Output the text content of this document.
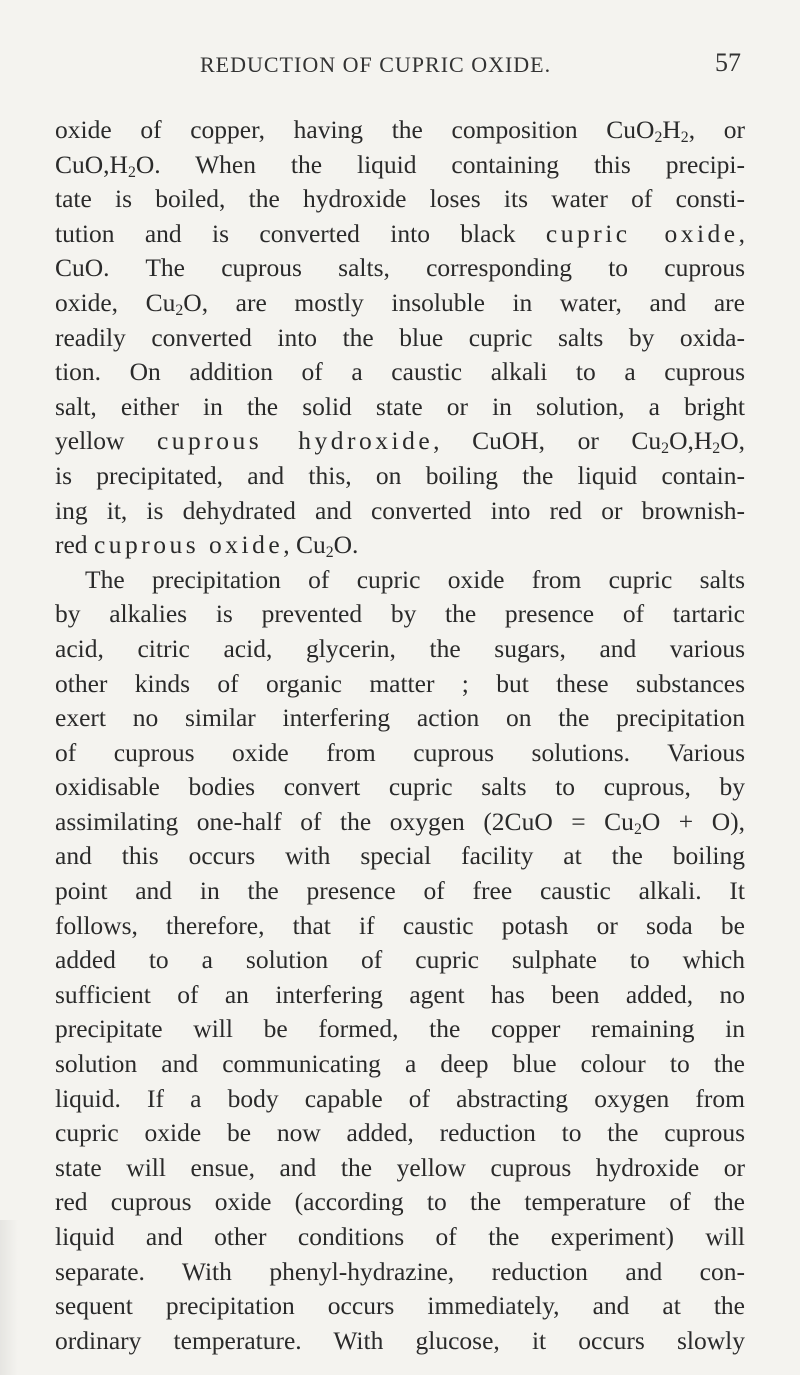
REDUCTION OF CUPRIC OXIDE.	57
oxide of copper, having the composition $CuO_2H_2$, or
$CuO,H_2O$. When the liquid containing this precipi-
tate is boiled, the hydroxide loses its water of consti-
tution and is converted into black cupric oxide,
CuO. The cuprous salts, corresponding to cuprous
oxide, $Cu_2O$, are mostly insoluble in water, and are
readily converted into the blue cupric salts by oxida-
tion. On addition of a caustic alkali to a cuprous
salt, either in the solid state or in solution, a bright
yellow cuprous hydroxide, CuOH, or $Cu_2O,H_2O$,
is precipitated, and this, on boiling the liquid contain-
ing it, is dehydrated and converted into red or brownish-
red cuprous oxide, $Cu_2O$.
The precipitation of cupric oxide from cupric salts
by alkalies is prevented by the presence of tartaric
acid, citric acid, glycerin, the sugars, and various
other kinds of organic matter ; but these substances
exert no similar interfering action on the precipitation
of cuprous oxide from cuprous solutions. Various
oxidisable bodies convert cupric salts to cuprous, by
assimilating one-half of the oxygen $(2CuO = Cu_2O + O)$,
and this occurs with special facility at the boiling
point and in the presence of free caustic alkali. It
follows, therefore, that if caustic potash or soda be
added to a solution of cupric sulphate to which
sufficient of an interfering agent has been added, no
precipitate will be formed, the copper remaining in
solution and communicating a deep blue colour to the
liquid. If a body capable of abstracting oxygen from
cupric oxide be now added, reduction to the cuprous
state will ensue, and the yellow cuprous hydroxide or
red cuprous oxide (according to the temperature of the
liquid and other conditions of the experiment) will
separate. With phenyl-hydrazine, reduction and con-
sequent precipitation occurs immediately, and at the
ordinary temperature. With glucose, it occurs slowly
